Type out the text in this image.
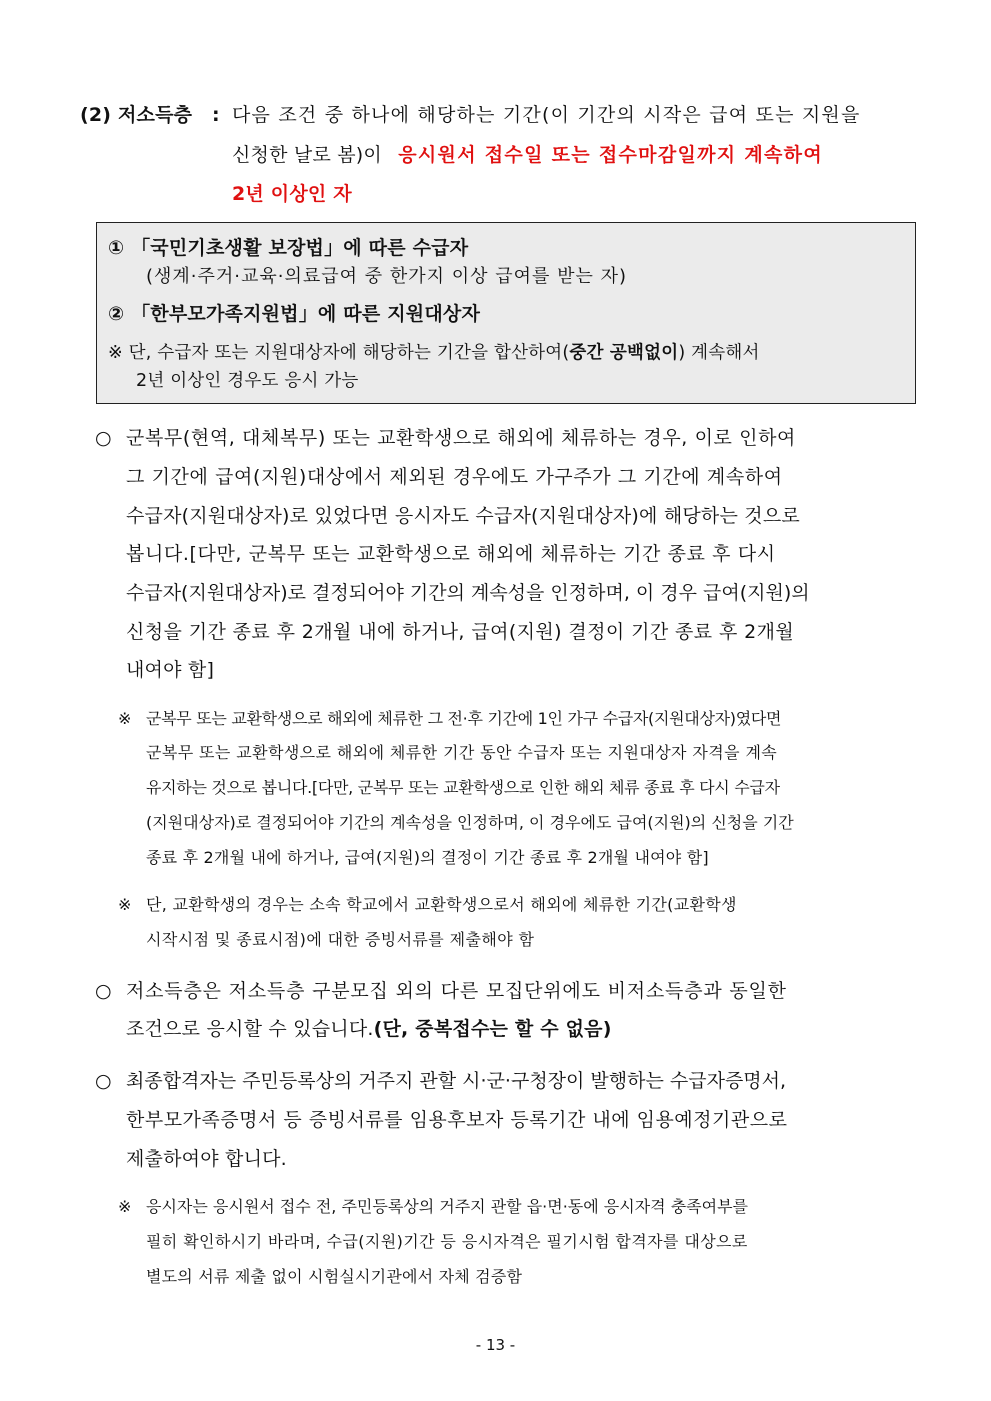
(2) 저소득층 : 다음 조건 중 하나에 해당하는 기간(이 기간의 시작은 급여 또는 지원을
신청한 날로 봄)이 응시원서 접수일 또는 접수마감일까지 계속하여
2년 이상인 자
① 「국민기초생활 보장법」에 따른 수급자
(생계·주거·교육·의료급여 중 한가지 이상 급여를 받는 자)
② 「한부모가족지원법」에 따른 지원대상자
※ 단, 수급자 또는 지원대상자에 해당하는 기간을 합산하여(중간 공백없이) 계속해서
2년 이상인 경우도 응시 가능
○ 군복무(현역, 대체복무) 또는 교환학생으로 해외에 체류하는 경우, 이로 인하여
그 기간에 급여(지원)대상에서 제외된 경우에도 가구주가 그 기간에 계속하여
수급자(지원대상자)로 있었다면 응시자도 수급자(지원대상자)에 해당하는 것으로
봅니다.[다만, 군복무 또는 교환학생으로 해외에 체류하는 기간 종료 후 다시
수급자(지원대상자)로 결정되어야 기간의 계속성을 인정하며, 이 경우 급여(지원)의
신청을 기간 종료 후 2개월 내에 하거나, 급여(지원) 결정이 기간 종료 후 2개월
내여야 함]
※ 군복무 또는 교환학생으로 해외에 체류한 그 전·후 기간에 1인 가구 수급자(지원대상자)였다면
군복무 또는 교환학생으로 해외에 체류한 기간 동안 수급자 또는 지원대상자 자격을 계속
유지하는 것으로 봅니다.[다만, 군복무 또는 교환학생으로 인한 해외 체류 종료 후 다시 수급자
(지원대상자)로 결정되어야 기간의 계속성을 인정하며, 이 경우에도 급여(지원)의 신청을 기간
종료 후 2개월 내에 하거나, 급여(지원)의 결정이 기간 종료 후 2개월 내여야 함]
※ 단, 교환학생의 경우는 소속 학교에서 교환학생으로서 해외에 체류한 기간(교환학생
시작시점 및 종료시점)에 대한 증빙서류를 제출해야 함
○ 저소득층은 저소득층 구분모집 외의 다른 모집단위에도 비저소득층과 동일한
조건으로 응시할 수 있습니다.(단, 중복접수는 할 수 없음)
○ 최종합격자는 주민등록상의 거주지 관할 시·군·구청장이 발행하는 수급자증명서,
한부모가족증명서 등 증빙서류를 임용후보자 등록기간 내에 임용예정기관으로
제출하여야 합니다.
※ 응시자는 응시원서 접수 전, 주민등록상의 거주지 관할 읍·면·동에 응시자격 충족여부를
필히 확인하시기 바라며, 수급(지원)기간 등 응시자격은 필기시험 합격자를 대상으로
별도의 서류 제출 없이 시험실시기관에서 자체 검증함
- 13 -
